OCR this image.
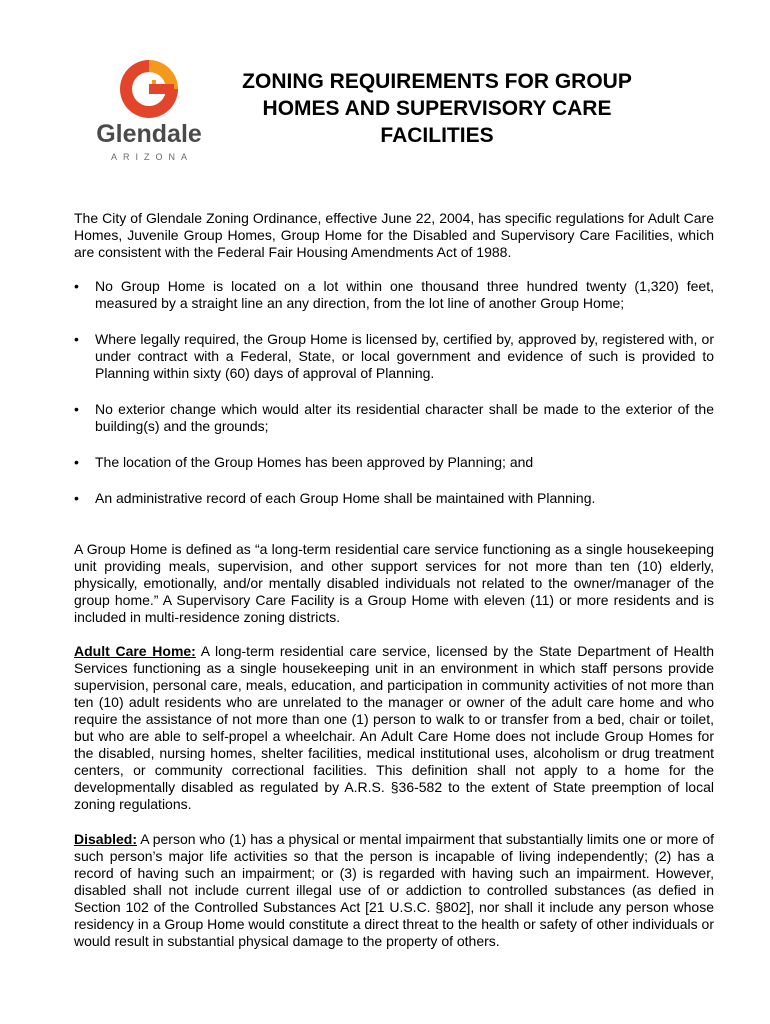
Glendale
ARIZONA
ZONING REQUIREMENTS FOR GROUP
HOMES AND SUPERVISORY CARE
FACILITIES
The City of Glendale Zoning Ordinance, effective June 22, 2004, has specific regulations for Adult Care Homes, Juvenile Group Homes, Group Home for the Disabled and Supervisory Care Facilities, which are consistent with the Federal Fair Housing Amendments Act of 1988.
• No Group Home is located on a lot within one thousand three hundred twenty (1,320) feet, measured by a straight line an any direction, from the lot line of another Group Home;
• Where legally required, the Group Home is licensed by, certified by, approved by, registered with, or under contract with a Federal, State, or local government and evidence of such is provided to Planning within sixty (60) days of approval of Planning.
• No exterior change which would alter its residential character shall be made to the exterior of the building(s) and the grounds;
• The location of the Group Homes has been approved by Planning; and
• An administrative record of each Group Home shall be maintained with Planning.
A Group Home is defined as “a long-term residential care service functioning as a single housekeeping unit providing meals, supervision, and other support services for not more than ten (10) elderly, physically, emotionally, and/or mentally disabled individuals not related to the owner/manager of the group home.” A Supervisory Care Facility is a Group Home with eleven (11) or more residents and is included in multi-residence zoning districts.
Adult Care Home: A long-term residential care service, licensed by the State Department of Health Services functioning as a single housekeeping unit in an environment in which staff persons provide supervision, personal care, meals, education, and participation in community activities of not more than ten (10) adult residents who are unrelated to the manager or owner of the adult care home and who require the assistance of not more than one (1) person to walk to or transfer from a bed, chair or toilet, but who are able to self-propel a wheelchair. An Adult Care Home does not include Group Homes for the disabled, nursing homes, shelter facilities, medical institutional uses, alcoholism or drug treatment centers, or community correctional facilities. This definition shall not apply to a home for the developmentally disabled as regulated by A.R.S. §36-582 to the extent of State preemption of local zoning regulations.
Disabled: A person who (1) has a physical or mental impairment that substantially limits one or more of such person’s major life activities so that the person is incapable of living independently; (2) has a record of having such an impairment; or (3) is regarded with having such an impairment. However, disabled shall not include current illegal use of or addiction to controlled substances (as defied in Section 102 of the Controlled Substances Act [21 U.S.C. §802], nor shall it include any person whose residency in a Group Home would constitute a direct threat to the health or safety of other individuals or would result in substantial physical damage to the property of others.
